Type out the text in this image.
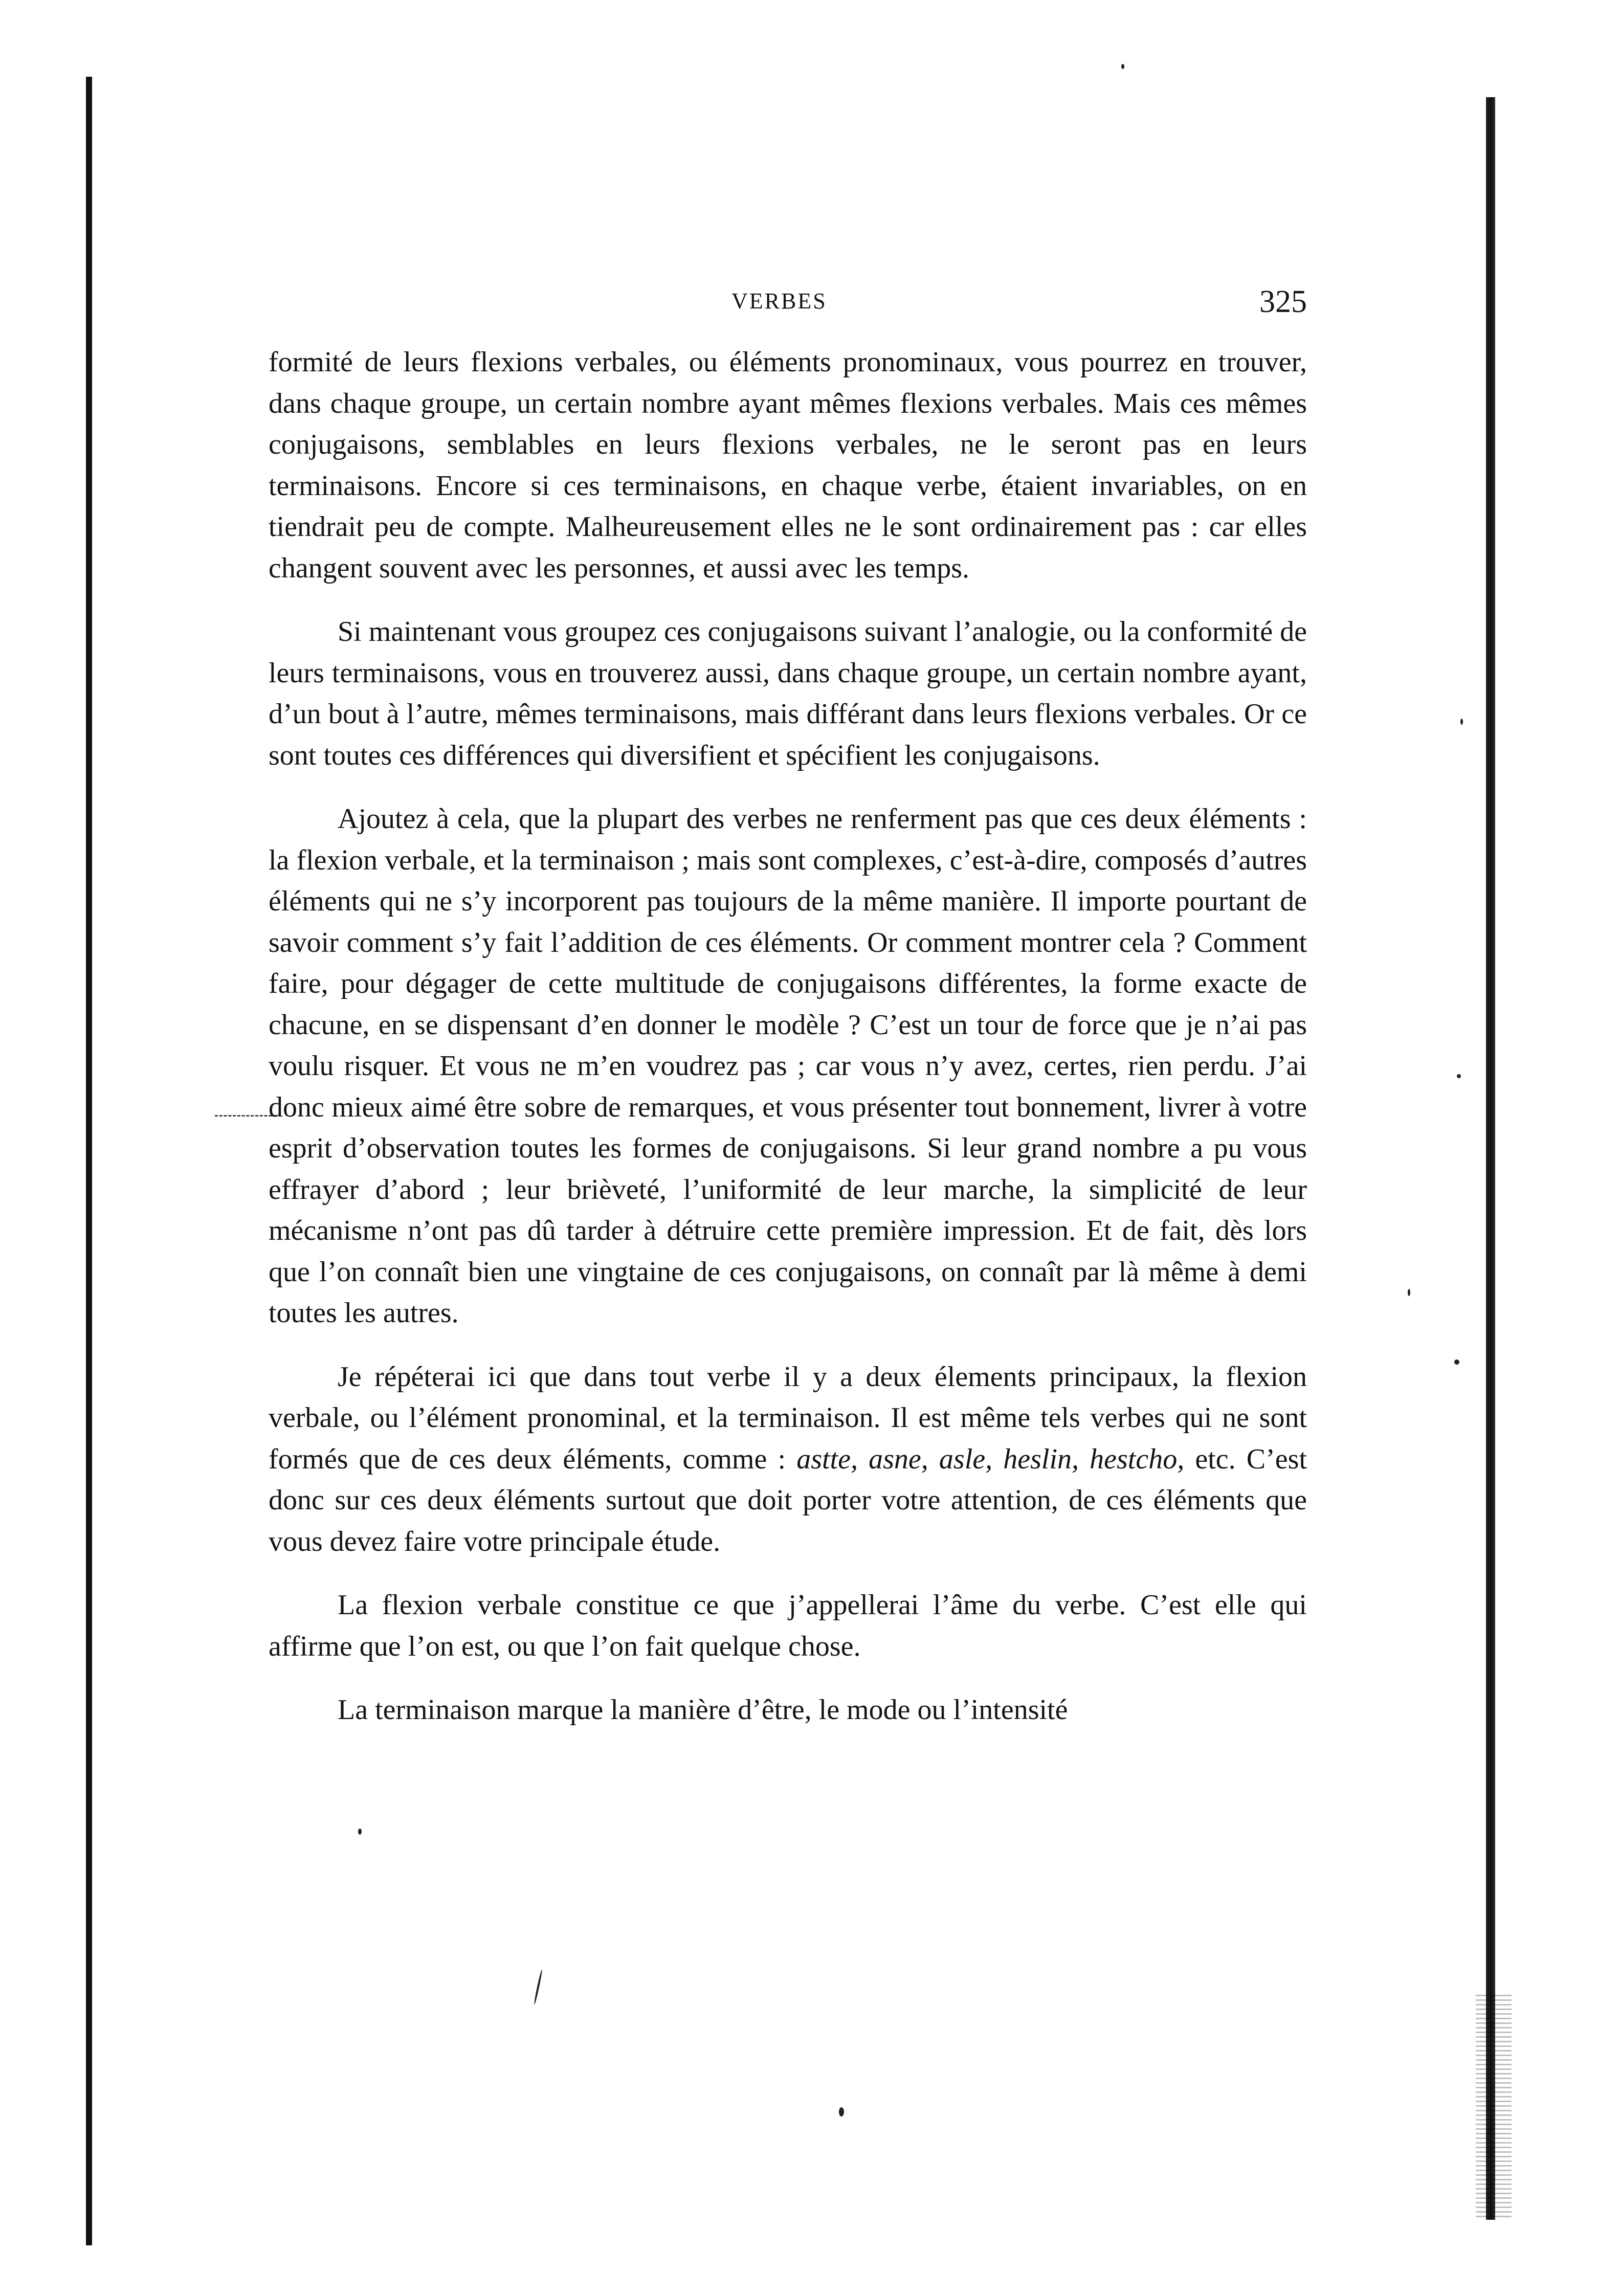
VERBES	325

formité de leurs flexions verbales, ou éléments pronominaux, vous pourrez en trouver, dans chaque groupe, un certain nombre ayant mêmes flexions verbales. Mais ces mêmes conjugaisons, semblables en leurs flexions verbales, ne le seront pas en leurs terminaisons. Encore si ces terminaisons, en chaque verbe, étaient invariables, on en tiendrait peu de compte. Malheureusement elles ne le sont ordinairement pas : car elles changent souvent avec les personnes, et aussi avec les temps.

Si maintenant vous groupez ces conjugaisons suivant l’analogie, ou la conformité de leurs terminaisons, vous en trouverez aussi, dans chaque groupe, un certain nombre ayant, d’un bout à l’autre, mêmes terminaisons, mais différant dans leurs flexions verbales. Or ce sont toutes ces différences qui diversifient et spécifient les conjugaisons.

Ajoutez à cela, que la plupart des verbes ne renferment pas que ces deux éléments : la flexion verbale, et la terminaison ; mais sont complexes, c’est-à-dire, composés d’autres éléments qui ne s’y incorporent pas toujours de la même manière. Il importe pourtant de savoir comment s’y fait l’addition de ces éléments. Or comment montrer cela ? Comment faire, pour dégager de cette multitude de conjugaisons différentes, la forme exacte de chacune, en se dispensant d’en donner le modèle ? C’est un tour de force que je n’ai pas voulu risquer. Et vous ne m’en voudrez pas ; car vous n’y avez, certes, rien perdu. J’ai donc mieux aimé être sobre de remarques, et vous présenter tout bonnement, livrer à votre esprit d’observation toutes les formes de conjugaisons. Si leur grand nombre a pu vous effrayer d’abord ; leur brièveté, l’uniformité de leur marche, la simplicité de leur mécanisme n’ont pas dû tarder à détruire cette première impression. Et de fait, dès lors que l’on connaît bien une vingtaine de ces conjugaisons, on connaît par là même à demi toutes les autres.

Je répéterai ici que dans tout verbe il y a deux élements principaux, la flexion verbale, ou l’élément pronominal, et la terminaison. Il est même tels verbes qui ne sont formés que de ces deux éléments, comme : astte, asne, asle, heslin, hestcho, etc. C’est donc sur ces deux éléments surtout que doit porter votre attention, de ces éléments que vous devez faire votre principale étude.

La flexion verbale constitue ce que j’appellerai l’âme du verbe. C’est elle qui affirme que l’on est, ou que l’on fait quelque chose.

La terminaison marque la manière d’être, le mode ou l’intensité
